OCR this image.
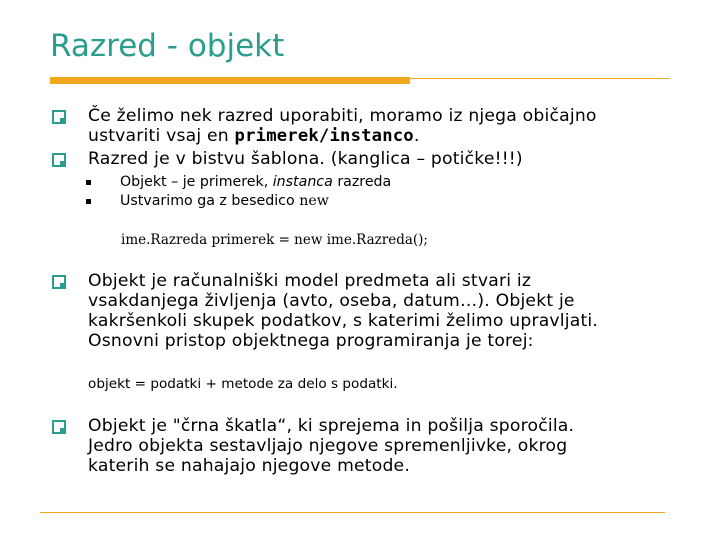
Razred - objekt
Če želimo nek razred uporabiti, moramo iz njega običajno
ustvariti vsaj en primerek/instanco.
Razred je v bistvu šablona. (kanglica – potičke!!!)
Objekt – je primerek, instanca razreda
Ustvarimo ga z besedico new
ime.Razreda primerek = new ime.Razreda();
Objekt je računalniški model predmeta ali stvari iz
vsakdanjega življenja (avto, oseba, datum…). Objekt je
kakršenkoli skupek podatkov, s katerimi želimo upravljati.
Osnovni pristop objektnega programiranja je torej:
objekt = podatki + metode za delo s podatki.
Objekt je "črna škatla“, ki sprejema in pošilja sporočila.
Jedro objekta sestavljajo njegove spremenljivke, okrog
katerih se nahajajo njegove metode.
